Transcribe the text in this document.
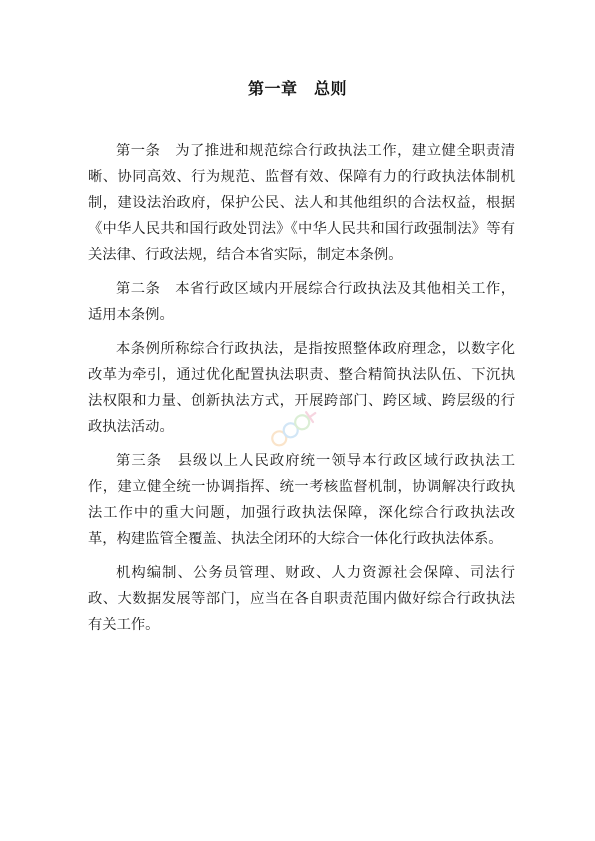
第一章　总则

第一条　为了推进和规范综合行政执法工作，建立健全职责清晰、协同高效、行为规范、监督有效、保障有力的行政执法体制机制，建设法治政府，保护公民、法人和其他组织的合法权益，根据《中华人民共和国行政处罚法》《中华人民共和国行政强制法》等有关法律、行政法规，结合本省实际，制定本条例。

第二条　本省行政区域内开展综合行政执法及其他相关工作，适用本条例。

本条例所称综合行政执法，是指按照整体政府理念，以数字化改革为牵引，通过优化配置执法职责、整合精简执法队伍、下沉执法权限和力量、创新执法方式，开展跨部门、跨区域、跨层级的行政执法活动。

第三条　县级以上人民政府统一领导本行政区域行政执法工作，建立健全统一协调指挥、统一考核监督机制，协调解决行政执法工作中的重大问题，加强行政执法保障，深化综合行政执法改革，构建监管全覆盖、执法全闭环的大综合一体化行政执法体系。

机构编制、公务员管理、财政、人力资源社会保障、司法行政、大数据发展等部门，应当在各自职责范围内做好综合行政执法有关工作。
